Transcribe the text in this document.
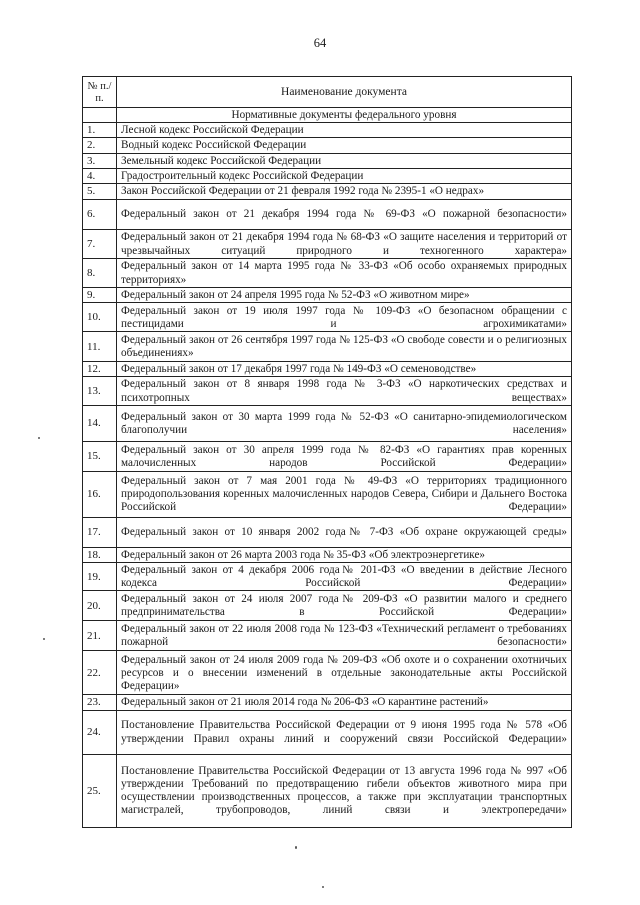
64
№ п./п.	Наименование документа
	Нормативные документы федерального уровня
1.	Лесной кодекс Российской Федерации
2.	Водный кодекс Российской Федерации
3.	Земельный кодекс Российской Федерации
4.	Градостроительный кодекс Российской Федерации
5.	Закон Российской Федерации от 21 февраля 1992 года № 2395-1 «О недрах»
6.	Федеральный закон от 21 декабря 1994 года № 69-ФЗ «О пожарной безопасности»
7.	Федеральный закон от 21 декабря 1994 года № 68-ФЗ «О защите населения и территорий от чрезвычайных ситуаций природного и техногенного характера»
8.	Федеральный закон от 14 марта 1995 года № 33-ФЗ «Об особо охраняемых природных территориях»
9.	Федеральный закон от 24 апреля 1995 года № 52-ФЗ «О животном мире»
10.	Федеральный закон от 19 июля 1997 года № 109-ФЗ «О безопасном обращении с пестицидами и агрохимикатами»
11.	Федеральный закон от 26 сентября 1997 года № 125-ФЗ «О свободе совести и о религиозных объединениях»
12.	Федеральный закон от 17 декабря 1997 года № 149-ФЗ «О семеноводстве»
13.	Федеральный закон от 8 января 1998 года № 3-ФЗ «О наркотических средствах и психотропных веществах»
14.	Федеральный закон от 30 марта 1999 года № 52-ФЗ «О санитарно-эпидемиологическом благополучии населения»
15.	Федеральный закон от 30 апреля 1999 года № 82-ФЗ «О гарантиях прав коренных малочисленных народов Российской Федерации»
16.	Федеральный закон от 7 мая 2001 года № 49-ФЗ «О территориях традиционного природопользования коренных малочисленных народов Севера, Сибири и Дальнего Востока Российской Федерации»
17.	Федеральный закон от 10 января 2002 года№ 7-ФЗ «Об охране окружающей среды»
18.	Федеральный закон от 26 марта 2003 года № 35-ФЗ «Об электроэнергетике»
19.	Федеральный закон от 4 декабря 2006 года№ 201-ФЗ «О введении в действие Лесного кодекса Российской Федерации»
20.	Федеральный закон от 24 июля 2007 года№ 209-ФЗ «О развитии малого и среднего предпринимательства в Российской Федерации»
21.	Федеральный закон от 22 июля 2008 года № 123-ФЗ «Технический регламент о требованиях пожарной безопасности»
22.	Федеральный закон от 24 июля 2009 года № 209-ФЗ «Об охоте и о сохранении охотничьих ресурсов и о внесении изменений в отдельные законодательные акты Российской Федерации»
23.	Федеральный закон от 21 июля 2014 года № 206-ФЗ «О карантине растений»
24.	Постановление Правительства Российской Федерации от 9 июня 1995 года № 578 «Об утверждении Правил охраны линий и сооружений связи Российской Федерации»
25.	Постановление Правительства Российской Федерации от 13 августа 1996 года № 997 «Об утверждении Требований по предотвращению гибели объектов животного мира при осуществлении производственных процессов, а также при эксплуатации транспортных магистралей, трубопроводов, линий связи и электропередачи»
